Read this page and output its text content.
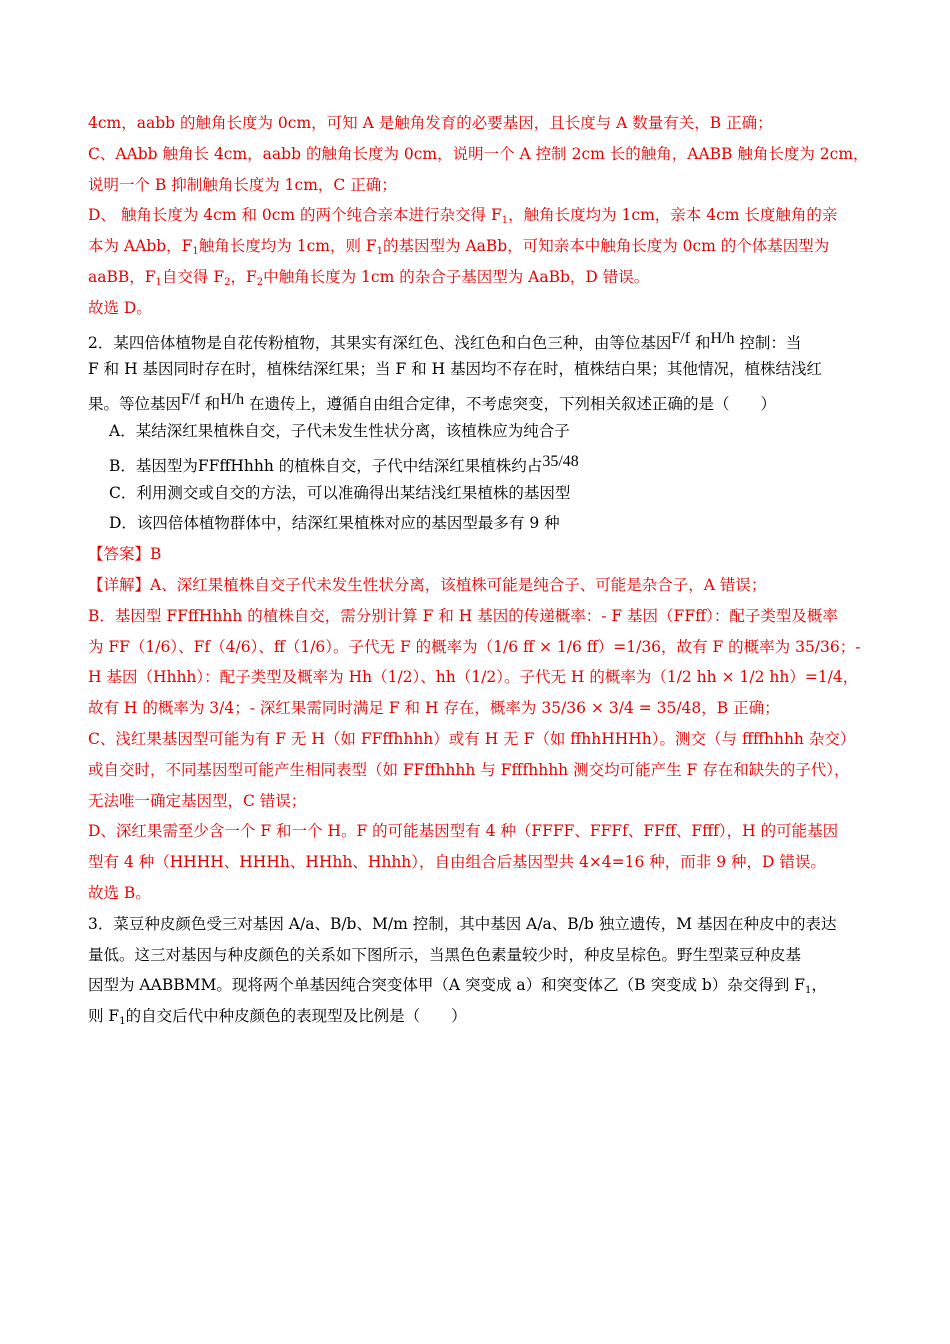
4cm，aabb 的触角长度为 0cm，可知 A 是触角发育的必要基因，且长度与 A 数量有关，B 正确；
C、AAbb 触角长 4cm，aabb 的触角长度为 0cm，说明一个 A 控制 2cm 长的触角，AABB 触角长度为 2cm，
说明一个 B 抑制触角长度为 1cm，C 正确；
D、 触角长度为 4cm 和 0cm 的两个纯合亲本进行杂交得 $F_1$，触角长度均为 1cm，亲本 4cm 长度触角的亲
本为 AAbb，$F_1$触角长度均为 1cm，则 $F_1$的基因型为 AaBb，可知亲本中触角长度为 0cm 的个体基因型为
aaBB，$F_1$自交得 $F_2$，$F_2$中触角长度为 1cm 的杂合子基因型为 AaBb，D 错误。
故选 D。
2．某四倍体植物是自花传粉植物，其果实有深红色、浅红色和白色三种，由等位基因F/f 和H/h 控制：当
F 和 H 基因同时存在时，植株结深红果；当 F 和 H 基因均不存在时，植株结白果；其他情况，植株结浅红
果。等位基因F/f 和H/h 在遗传上，遵循自由组合定律，不考虑突变，下列相关叙述正确的是（　　）
A．某结深红果植株自交，子代未发生性状分离，该植株应为纯合子
B．基因型为FFffHhhh 的植株自交，子代中结深红果植株约占35/48
C．利用测交或自交的方法，可以准确得出某结浅红果植株的基因型
D．该四倍体植物群体中，结深红果植株对应的基因型最多有 9 种
【答案】B
【详解】A、深红果植株自交子代未发生性状分离，该植株可能是纯合子、可能是杂合子，A 错误；
B．基因型 FFffHhhh 的植株自交，需分别计算 F 和 H 基因的传递概率：- F 基因（FFff）：配子类型及概率
为 FF（1/6）、Ff（4/6）、ff（1/6）。子代无 F 的概率为（1/6 ff × 1/6 ff）=1/36，故有 F 的概率为 35/36；-
H 基因（Hhhh）：配子类型及概率为 Hh（1/2）、hh（1/2）。子代无 H 的概率为（1/2 hh × 1/2 hh）=1/4，
故有 H 的概率为 3/4；- 深红果需同时满足 F 和 H 存在，概率为 35/36 × 3/4 = 35/48，B 正确；
C、浅红果基因型可能为有 F 无 H（如 FFffhhhh）或有 H 无 F（如 ffhhHHHh）。测交（与 ffffhhhh 杂交）
或自交时，不同基因型可能产生相同表型（如 FFffhhhh 与 Ffffhhhh 测交均可能产生 F 存在和缺失的子代），
无法唯一确定基因型，C 错误；
D、深红果需至少含一个 F 和一个 H。F 的可能基因型有 4 种（FFFF、FFFf、FFff、Ffff），H 的可能基因
型有 4 种（HHHH、HHHh、HHhh、Hhhh），自由组合后基因型共 4×4=16 种，而非 9 种，D 错误。
故选 B。
3．菜豆种皮颜色受三对基因 A/a、B/b、M/m 控制，其中基因 A/a、B/b 独立遗传，M 基因在种皮中的表达
量低。这三对基因与种皮颜色的关系如下图所示，当黑色色素量较少时，种皮呈棕色。野生型菜豆种皮基
因型为 AABBMM。现将两个单基因纯合突变体甲（A 突变成 a）和突变体乙（B 突变成 b）杂交得到 $F_1$，
则 $F_1$的自交后代中种皮颜色的表现型及比例是（　　）
